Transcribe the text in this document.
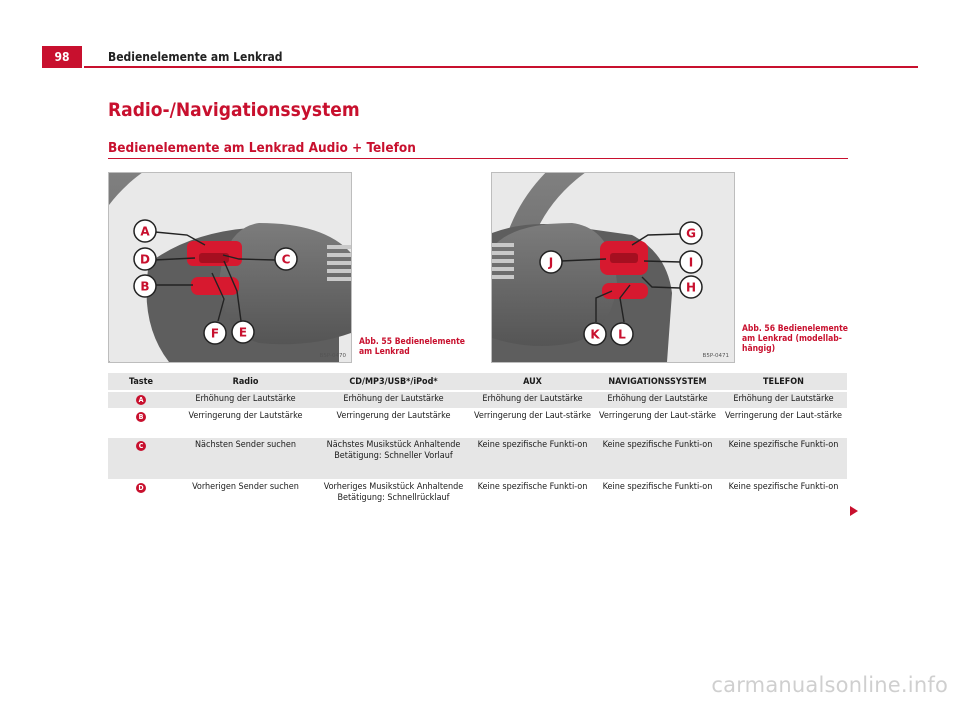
98	Bedienelemente am Lenkrad
Radio-/Navigationssystem
Bedienelemente am Lenkrad Audio + Telefon
A
D
B
C
F E
B5P-0470
Abb. 55 Bedienelemente am Lenkrad
G
J	I
H
K L
B5P-0471
Abb. 56 Bedienelemente am Lenkrad (modellab-hängig)
Taste	Radio	CD/MP3/USB*/iPod*	AUX	NAVIGATIONSSYSTEM	TELEFON
A	Erhöhung der Lautstärke	Erhöhung der Lautstärke	Erhöhung der Lautstärke	Erhöhung der Lautstärke	Erhöhung der Lautstärke
B	Verringerung der Lautstärke	Verringerung der Lautstärke	Verringerung der Laut-stärke	Verringerung der Laut-stärke	Verringerung der Laut-stärke
C	Nächsten Sender suchen	Nächstes Musikstück Anhaltende Betätigung: Schneller Vorlauf	Keine spezifische Funkti-on	Keine spezifische Funkti-on	Keine spezifische Funkti-on
D	Vorherigen Sender suchen	Vorheriges Musikstück Anhaltende Betätigung: Schnellrücklauf	Keine spezifische Funkti-on	Keine spezifische Funkti-on	Keine spezifische Funkti-on
carmanualsonline.info
